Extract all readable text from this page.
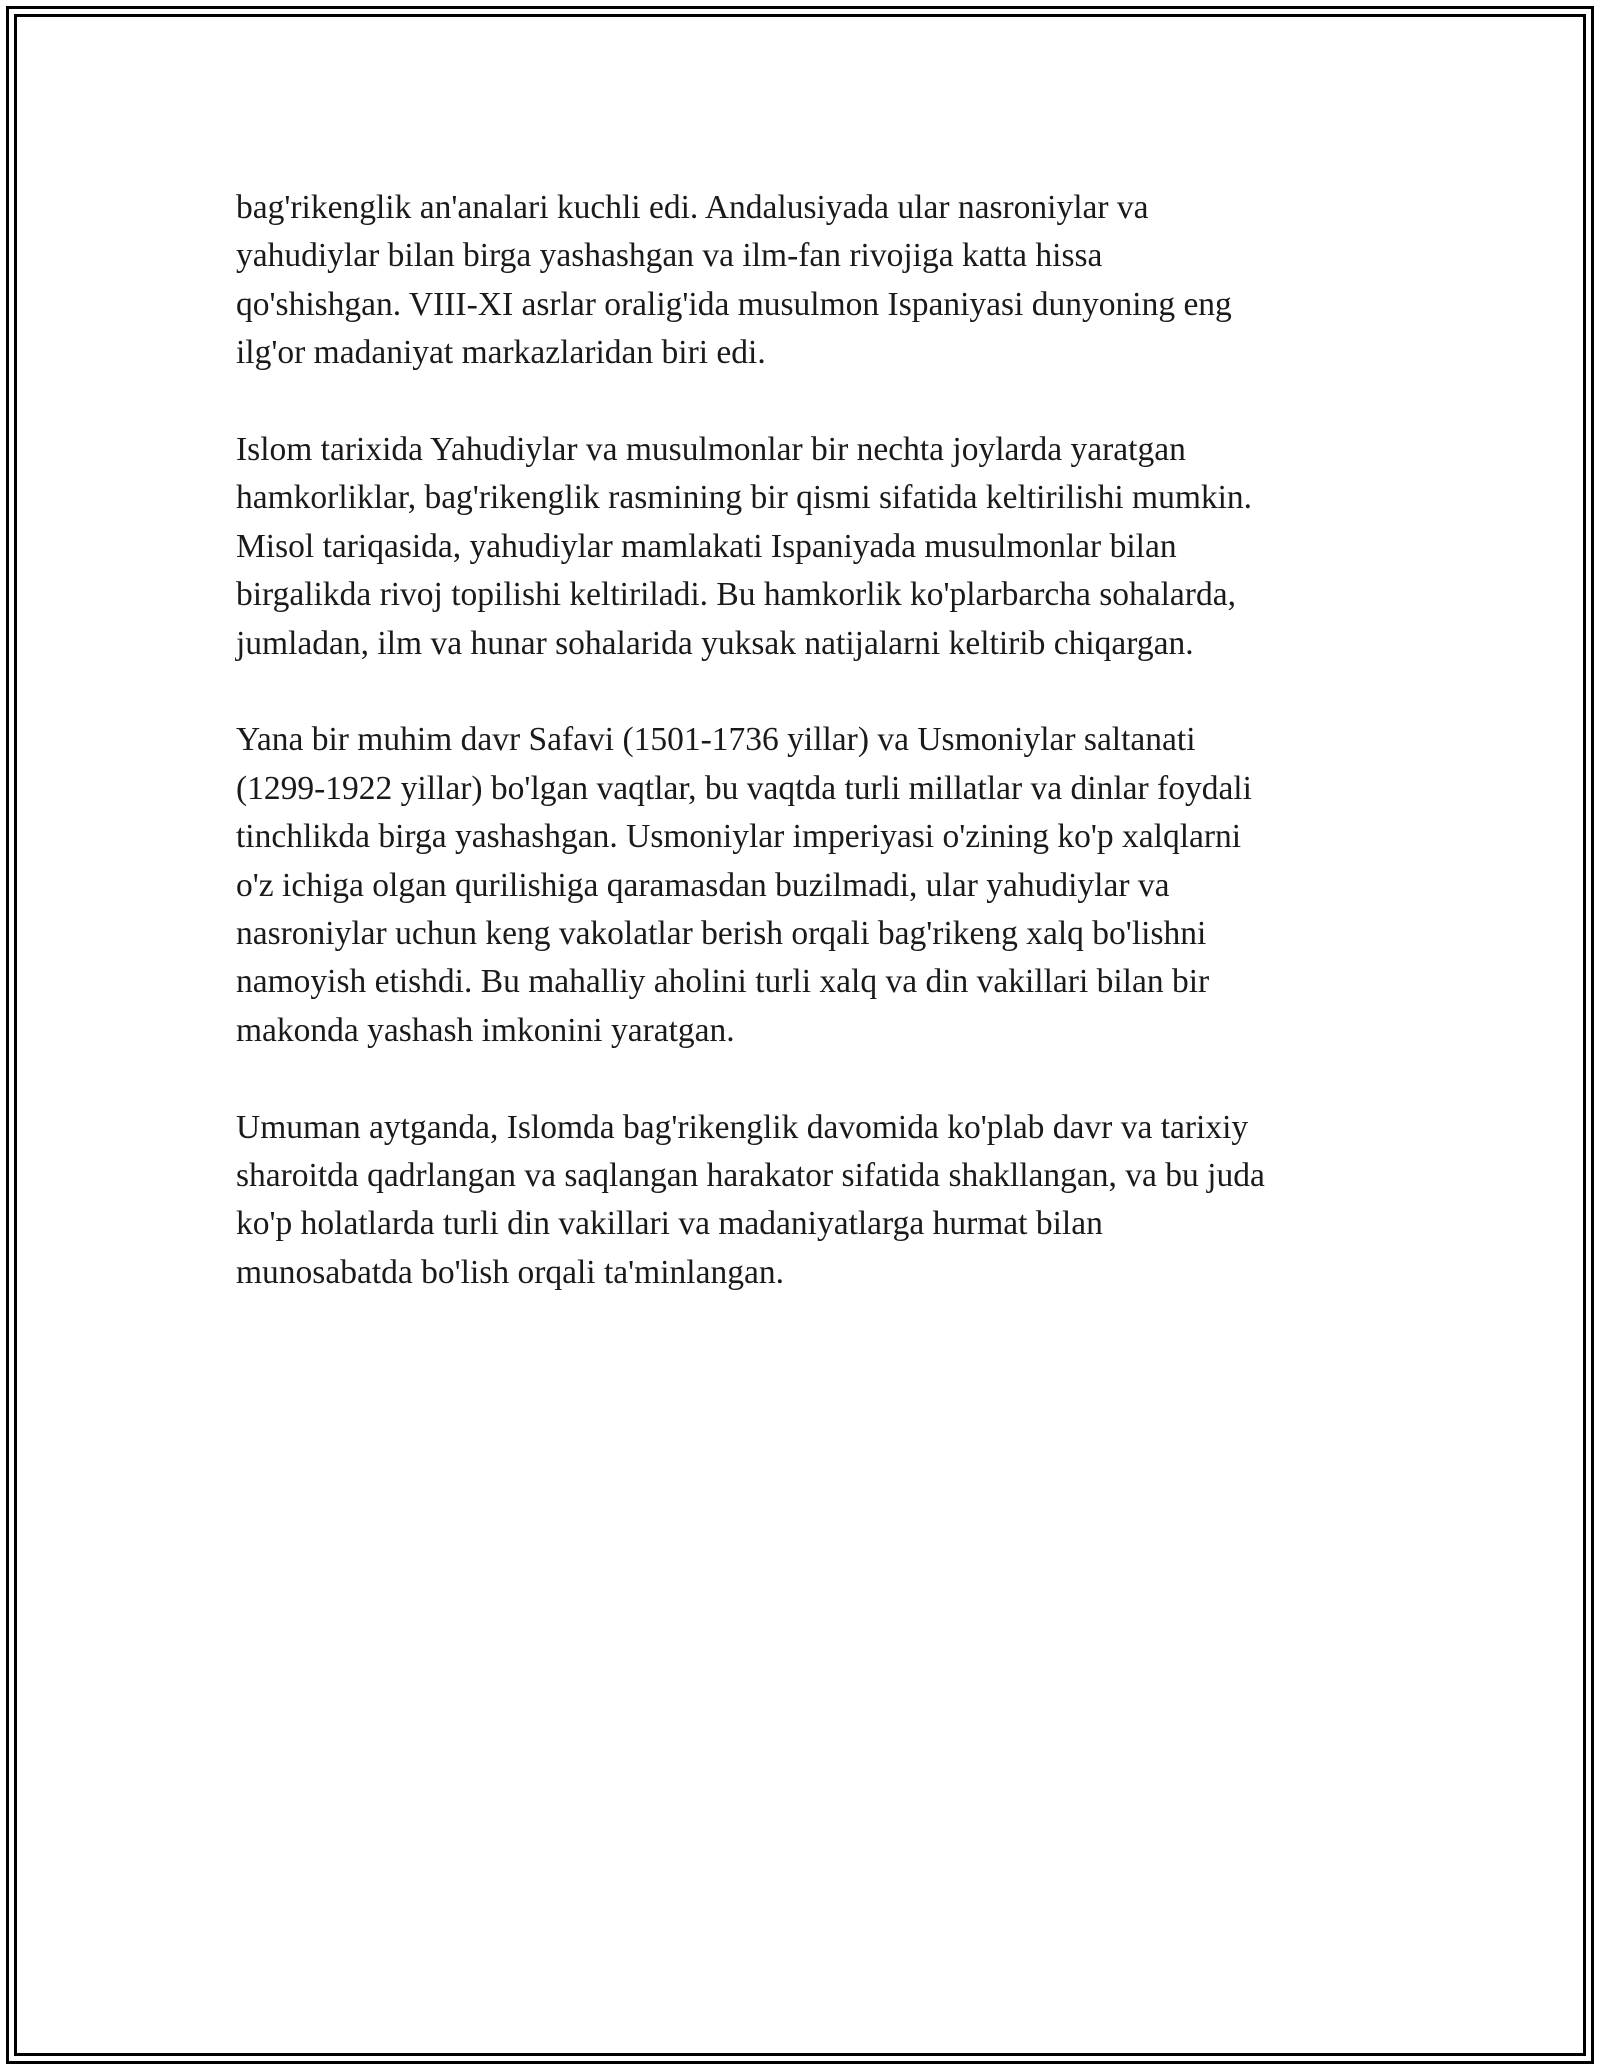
bag'rikenglik an'analari kuchli edi. Andalusiyada ular nasroniylar va
yahudiylar bilan birga yashashgan va ilm-fan rivojiga katta hissa
qo'shishgan. VIII-XI asrlar oralig'ida musulmon Ispaniyasi dunyoning eng
ilg'or madaniyat markazlaridan biri edi.

Islom tarixida Yahudiylar va musulmonlar bir nechta joylarda yaratgan
hamkorliklar, bag'rikenglik rasmining bir qismi sifatida keltirilishi mumkin.
Misol tariqasida, yahudiylar mamlakati Ispaniyada musulmonlar bilan
birgalikda rivoj topilishi keltiriladi. Bu hamkorlik ko'plarbarcha sohalarda,
jumladan, ilm va hunar sohalarida yuksak natijalarni keltirib chiqargan.

Yana bir muhim davr Safavi (1501-1736 yillar) va Usmoniylar saltanati
(1299-1922 yillar) bo'lgan vaqtlar, bu vaqtda turli millatlar va dinlar foydali
tinchlikda birga yashashgan. Usmoniylar imperiyasi o'zining ko'p xalqlarni
o'z ichiga olgan qurilishiga qaramasdan buzilmadi, ular yahudiylar va
nasroniylar uchun keng vakolatlar berish orqali bag'rikeng xalq bo'lishni
namoyish etishdi. Bu mahalliy aholini turli xalq va din vakillari bilan bir
makonda yashash imkonini yaratgan.

Umuman aytganda, Islomda bag'rikenglik davomida ko'plab davr va tarixiy
sharoitda qadrlangan va saqlangan harakator sifatida shakllangan, va bu juda
ko'p holatlarda turli din vakillari va madaniyatlarga hurmat bilan
munosabatda bo'lish orqali ta'minlangan.
